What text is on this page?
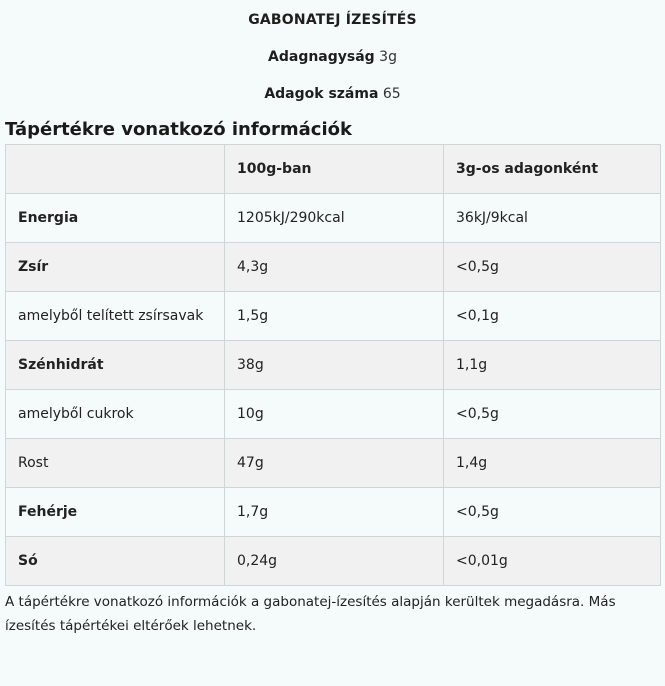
GABONATEJ ÍZESÍTÉS
Adagnagyság 3g
Adagok száma 65
Tápértékre vonatkozó információk
	100g-ban	3g-os adagonként
Energia	1205kJ/290kcal	36kJ/9kcal
Zsír	4,3g	<0,5g
amelyből telített zsírsavak	1,5g	<0,1g
Szénhidrát	38g	1,1g
amelyből cukrok	10g	<0,5g
Rost	47g	1,4g
Fehérje	1,7g	<0,5g
Só	0,24g	<0,01g
A tápértékre vonatkozó információk a gabonatej-ízesítés alapján kerültek megadásra. Más ízesítés tápértékei eltérőek lehetnek.
